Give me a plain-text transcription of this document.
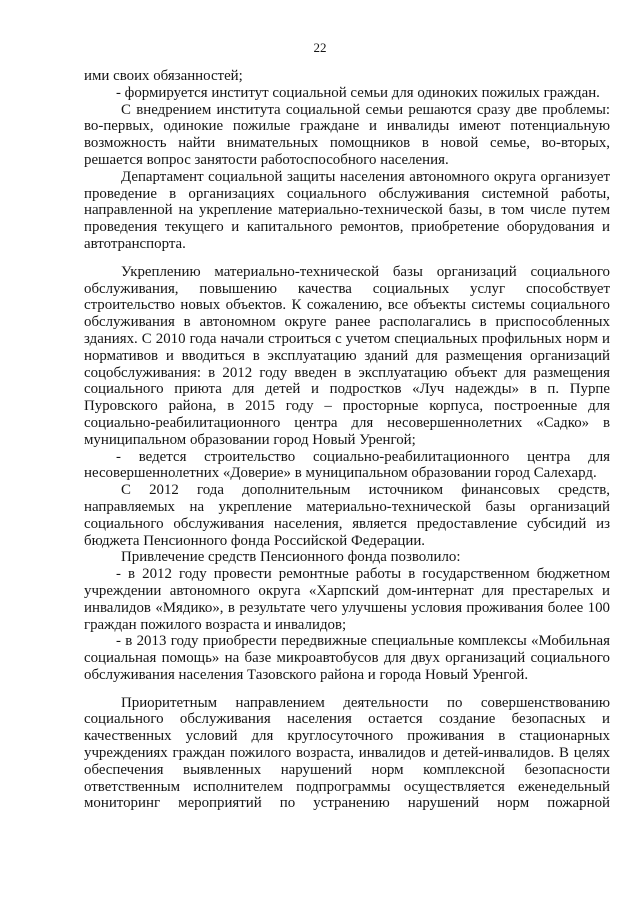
22

ими своих обязанностей;

- формируется институт социальной семьи для одиноких пожилых граждан.

С внедрением института социальной семьи решаются сразу две проблемы: во-первых, одинокие пожилые граждане и инвалиды имеют потенциальную возможность найти внимательных помощников в новой семье, во-вторых, решается вопрос занятости работоспособного населения.

Департамент социальной защиты населения автономного округа организует проведение в организациях социального обслуживания системной работы, направленной на укрепление материально-технической базы, в том числе путем проведения текущего и капитального ремонтов, приобретение оборудования и автотранспорта.

Укреплению материально-технической базы организаций социального обслуживания, повышению качества социальных услуг способствует строительство новых объектов. К сожалению, все объекты системы социального обслуживания в автономном округе ранее располагались в приспособленных зданиях. С 2010 года начали строиться с учетом специальных профильных норм и нормативов и вводиться в эксплуатацию зданий для размещения организаций соцобслуживания: в 2012 году введен в эксплуатацию объект для размещения социального приюта для детей и подростков «Луч надежды» в п. Пурпе Пуровского района, в 2015 году – просторные корпуса, построенные для социально-реабилитационного центра для несовершеннолетних «Садко» в муниципальном образовании город Новый Уренгой;

- ведется строительство социально-реабилитационного центра для несовершеннолетних «Доверие» в муниципальном образовании город Салехард.

С 2012 года дополнительным источником финансовых средств, направляемых на укрепление материально-технической базы организаций социального обслуживания населения, является предоставление субсидий из бюджета Пенсионного фонда Российской Федерации.

Привлечение средств Пенсионного фонда позволило:

- в 2012 году провести ремонтные работы в государственном бюджетном учреждении автономного округа «Харпский дом-интернат для престарелых и инвалидов «Мядико», в результате чего улучшены условия проживания более 100 граждан пожилого возраста и инвалидов;

- в 2013 году приобрести передвижные специальные комплексы «Мобильная социальная помощь» на базе микроавтобусов для двух организаций социального обслуживания населения Тазовского района и города Новый Уренгой.

Приоритетным направлением деятельности по совершенствованию социального обслуживания населения остается создание безопасных и качественных условий для круглосуточного проживания в стационарных учреждениях граждан пожилого возраста, инвалидов и детей-инвалидов. В целях обеспечения выявленных нарушений норм комплексной безопасности ответственным исполнителем подпрограммы осуществляется еженедельный мониторинг мероприятий по устранению нарушений норм пожарной
